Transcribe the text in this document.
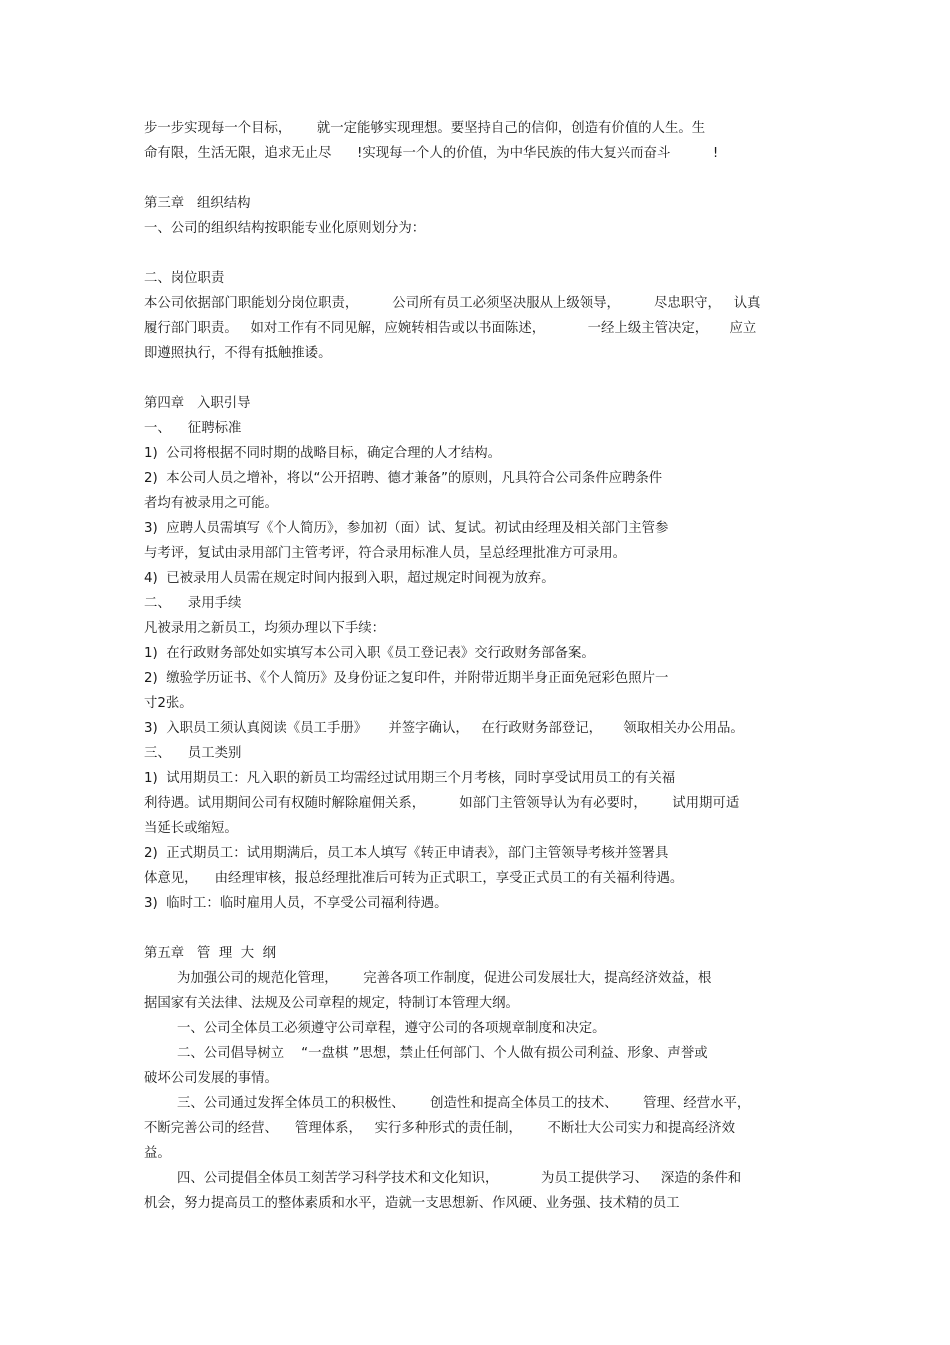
步一步实现每一个目标，      就一定能够实现理想。要坚持自己的信仰，创造有价值的人生。生
命有限，生活无限，追求无止尽      !实现每一个人的价值，为中华民族的伟大复兴而奋斗          !
第三章   组织结构
一、公司的组织结构按职能专业化原则划分为：
二、岗位职责
本公司依据部门职能划分岗位职责，        公司所有员工必须坚决服从上级领导，        尽忠职守，   认真
履行部门职责。   如对工作有不同见解，应婉转相告或以书面陈述，          一经上级主管决定，     应立
即遵照执行，不得有抵触推诿。
第四章   入职引导
一、    征聘标准
1)  公司将根据不同时期的战略目标，确定合理的人才结构。
2)  本公司人员之增补，将以“公开招聘、德才兼备”的原则，凡具符合公司条件应聘条件
者均有被录用之可能。
3)  应聘人员需填写《个人简历》，参加初（面）试、复试。初试由经理及相关部门主管参
与考评，复试由录用部门主管考评，符合录用标准人员，呈总经理批准方可录用。
4)  已被录用人员需在规定时间内报到入职，超过规定时间视为放弃。
二、    录用手续
凡被录用之新员工，均须办理以下手续：
1)  在行政财务部处如实填写本公司入职《员工登记表》交行政财务部备案。
2)  缴验学历证书、《个人简历》及身份证之复印件，并附带近期半身正面免冠彩色照片一
寸2张。
3)  入职员工须认真阅读《员工手册》     并签字确认，   在行政财务部登记，     领取相关办公用品。
三、    员工类别
1)  试用期员工：凡入职的新员工均需经过试用期三个月考核，同时享受试用员工的有关福
利待遇。试用期间公司有权随时解除雇佣关系，        如部门主管领导认为有必要时，      试用期可适
当延长或缩短。
2)  正式期员工：试用期满后，员工本人填写《转正申请表》，部门主管领导考核并签署具
体意见，    由经理审核，报总经理批准后可转为正式职工，享受正式员工的有关福利待遇。
3)  临时工：临时雇用人员，不享受公司福利待遇。
第五章   管  理  大  纲
为加强公司的规范化管理，      完善各项工作制度，促进公司发展壮大，提高经济效益，根
据国家有关法律、法规及公司章程的规定，特制订本管理大纲。
一、公司全体员工必须遵守公司章程，遵守公司的各项规章制度和决定。
二、公司倡导树立    “一盘棋 ”思想，禁止任何部门、个人做有损公司利益、形象、声誉或
破坏公司发展的事情。
三、公司通过发挥全体员工的积极性、      创造性和提高全体员工的技术、      管理、经营水平，
不断完善公司的经营、    管理体系，   实行多种形式的责任制，      不断壮大公司实力和提高经济效
益。
四、公司提倡全体员工刻苦学习科学技术和文化知识，          为员工提供学习、   深造的条件和
机会，努力提高员工的整体素质和水平，造就一支思想新、作风硬、业务强、技术精的员工
